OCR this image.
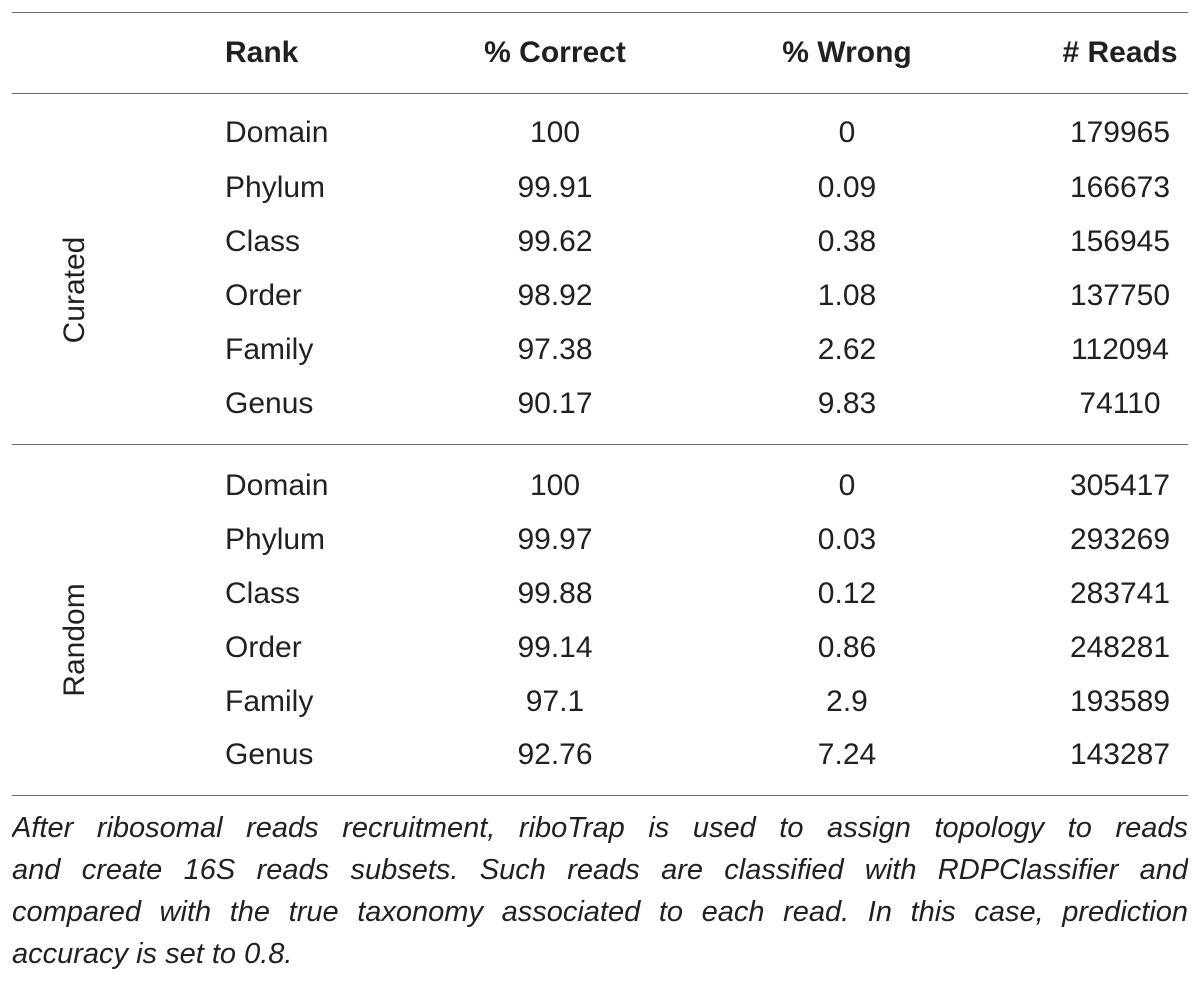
Rank	% Correct	% Wrong	# Reads
Curated
Domain	100	0	179965
Phylum	99.91	0.09	166673
Class	99.62	0.38	156945
Order	98.92	1.08	137750
Family	97.38	2.62	112094
Genus	90.17	9.83	74110
Random
Domain	100	0	305417
Phylum	99.97	0.03	293269
Class	99.88	0.12	283741
Order	99.14	0.86	248281
Family	97.1	2.9	193589
Genus	92.76	7.24	143287
After ribosomal reads recruitment, riboTrap is used to assign topology to reads
and create 16S reads subsets. Such reads are classified with RDPClassifier and
compared with the true taxonomy associated to each read. In this case, prediction
accuracy is set to 0.8.
